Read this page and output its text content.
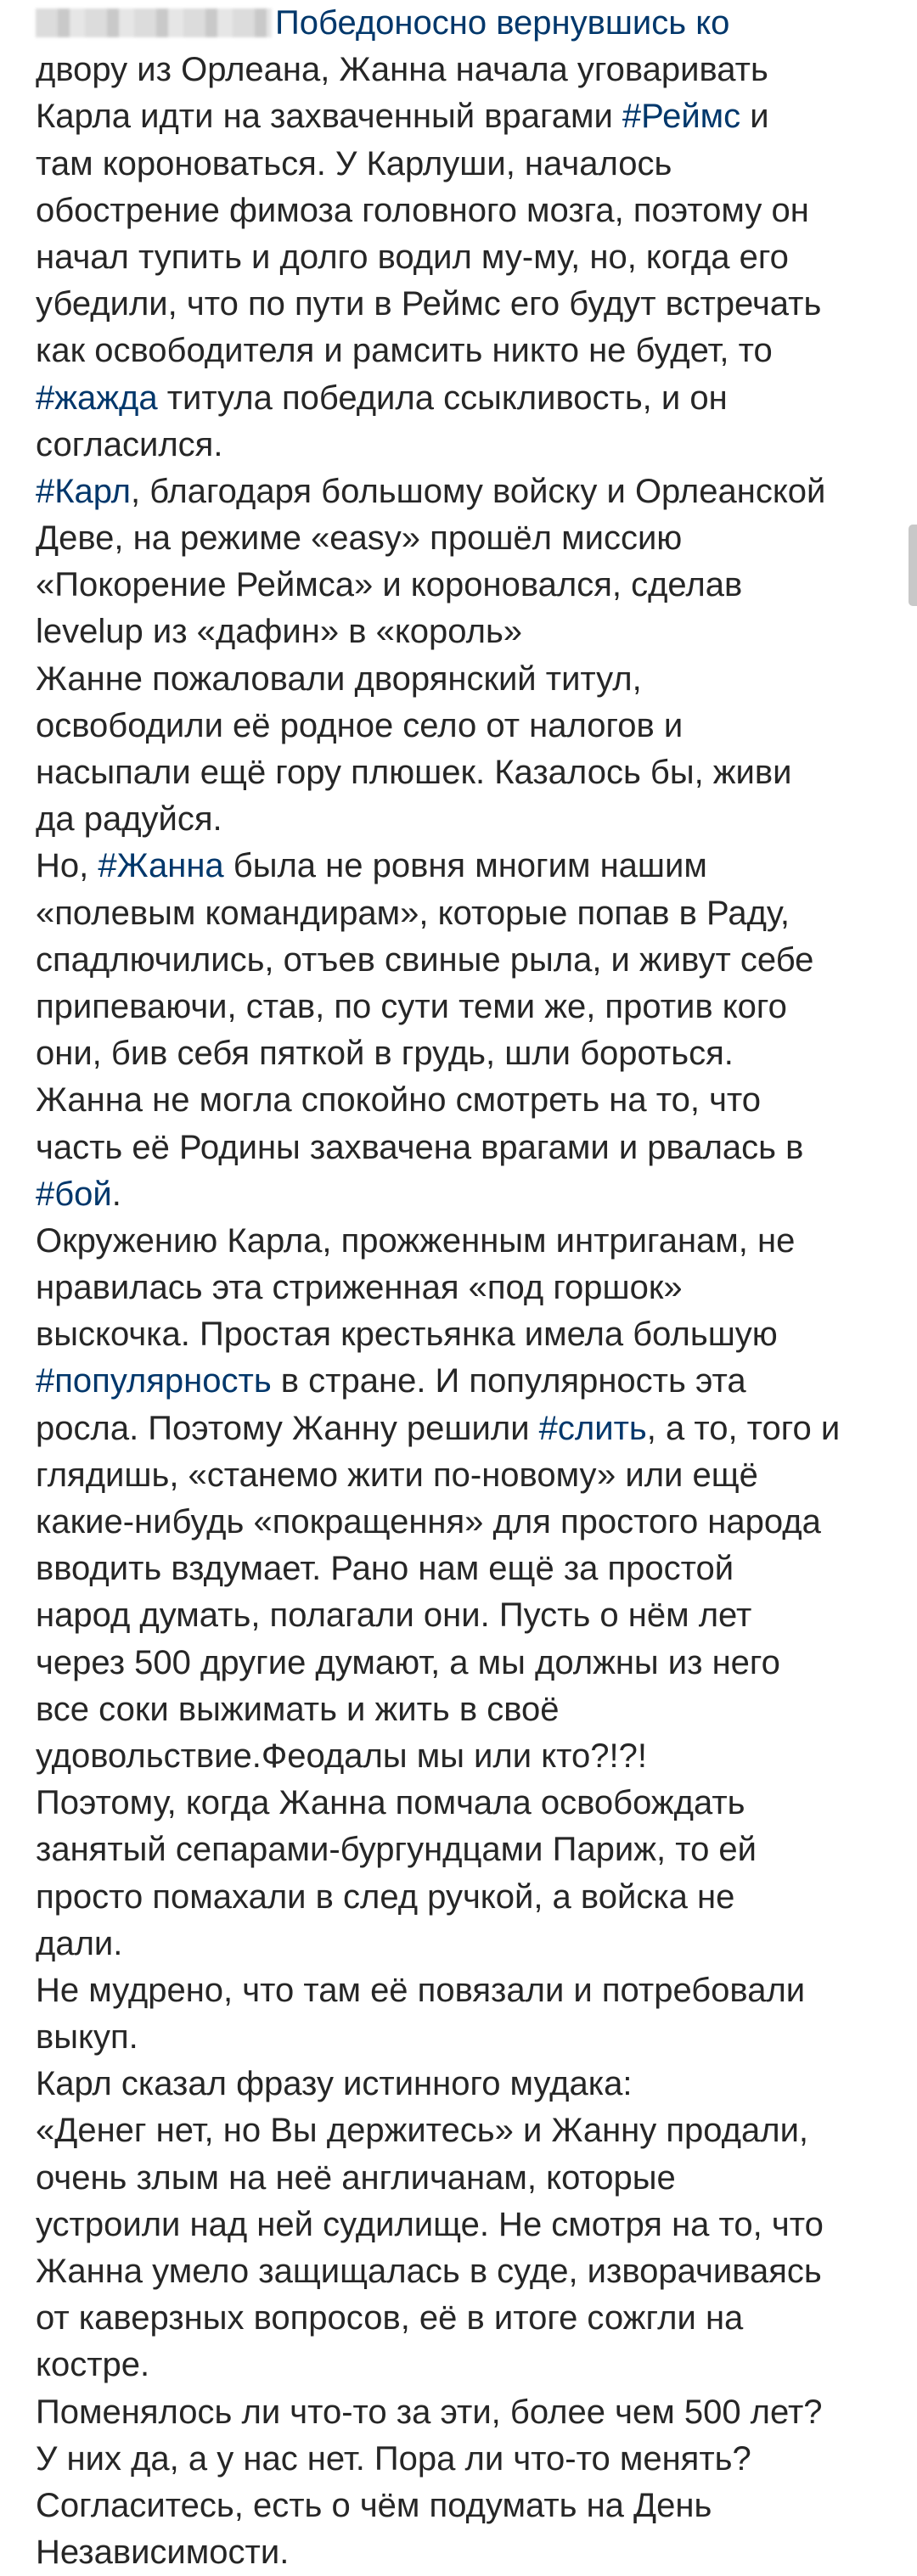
Победоносно вернувшись ко
двору из Орлеана, Жанна начала уговаривать
Карла идти на захваченный врагами #Реймс и
там короноваться. У Карлуши, началось
обострение фимоза головного мозга, поэтому он
начал тупить и долго водил му-му, но, когда его
убедили, что по пути в Реймс его будут встречать
как освободителя и рамсить никто не будет, то
#жажда титула победила ссыкливость, и он
согласился.
#Карл, благодаря большому войску и Орлеанской
Деве, на режиме «easy» прошёл миссию
«Покорение Реймса» и короновался, сделав
levelup из «дафин» в «король»
Жанне пожаловали дворянский титул,
освободили её родное село от налогов и
насыпали ещё гору плюшек. Казалось бы, живи
да радуйся.
Но, #Жанна была не ровня многим нашим
«полевым командирам», которые попав в Раду,
спадлючились, отъев свиные рыла, и живут себе
припеваючи, став, по сути теми же, против кого
они, бив себя пяткой в грудь, шли бороться.
Жанна не могла спокойно смотреть на то, что
часть её Родины захвачена врагами и рвалась в
#бой.
Окружению Карла, прожженным интриганам, не
нравилась эта стриженная «под горшок»
выскочка. Простая крестьянка имела большую
#популярность в стране. И популярность эта
росла. Поэтому Жанну решили #слить, а то, того и
глядишь, «станемо жити по-новому» или ещё
какие-нибудь «покращення» для простого народа
вводить вздумает. Рано нам ещё за простой
народ думать, полагали они. Пусть о нём лет
через 500 другие думают, а мы должны из него
все соки выжимать и жить в своё
удовольствие.Феодалы мы или кто?!?!
Поэтому, когда Жанна помчала освобождать
занятый сепарами-бургундцами Париж, то ей
просто помахали в след ручкой, а войска не
дали.
Не мудрено, что там её повязали и потребовали
выкуп.
Карл сказал фразу истинного мудака:
«Денег нет, но Вы держитесь» и Жанну продали,
очень злым на неё англичанам, которые
устроили над ней судилище. Не смотря на то, что
Жанна умело защищалась в суде, изворачиваясь
от каверзных вопросов, её в итоге сожгли на
костре.
Поменялось ли что-то за эти, более чем 500 лет?
У них да, а у нас нет. Пора ли что-то менять?
Согласитесь, есть о чём подумать на День
Независимости.
